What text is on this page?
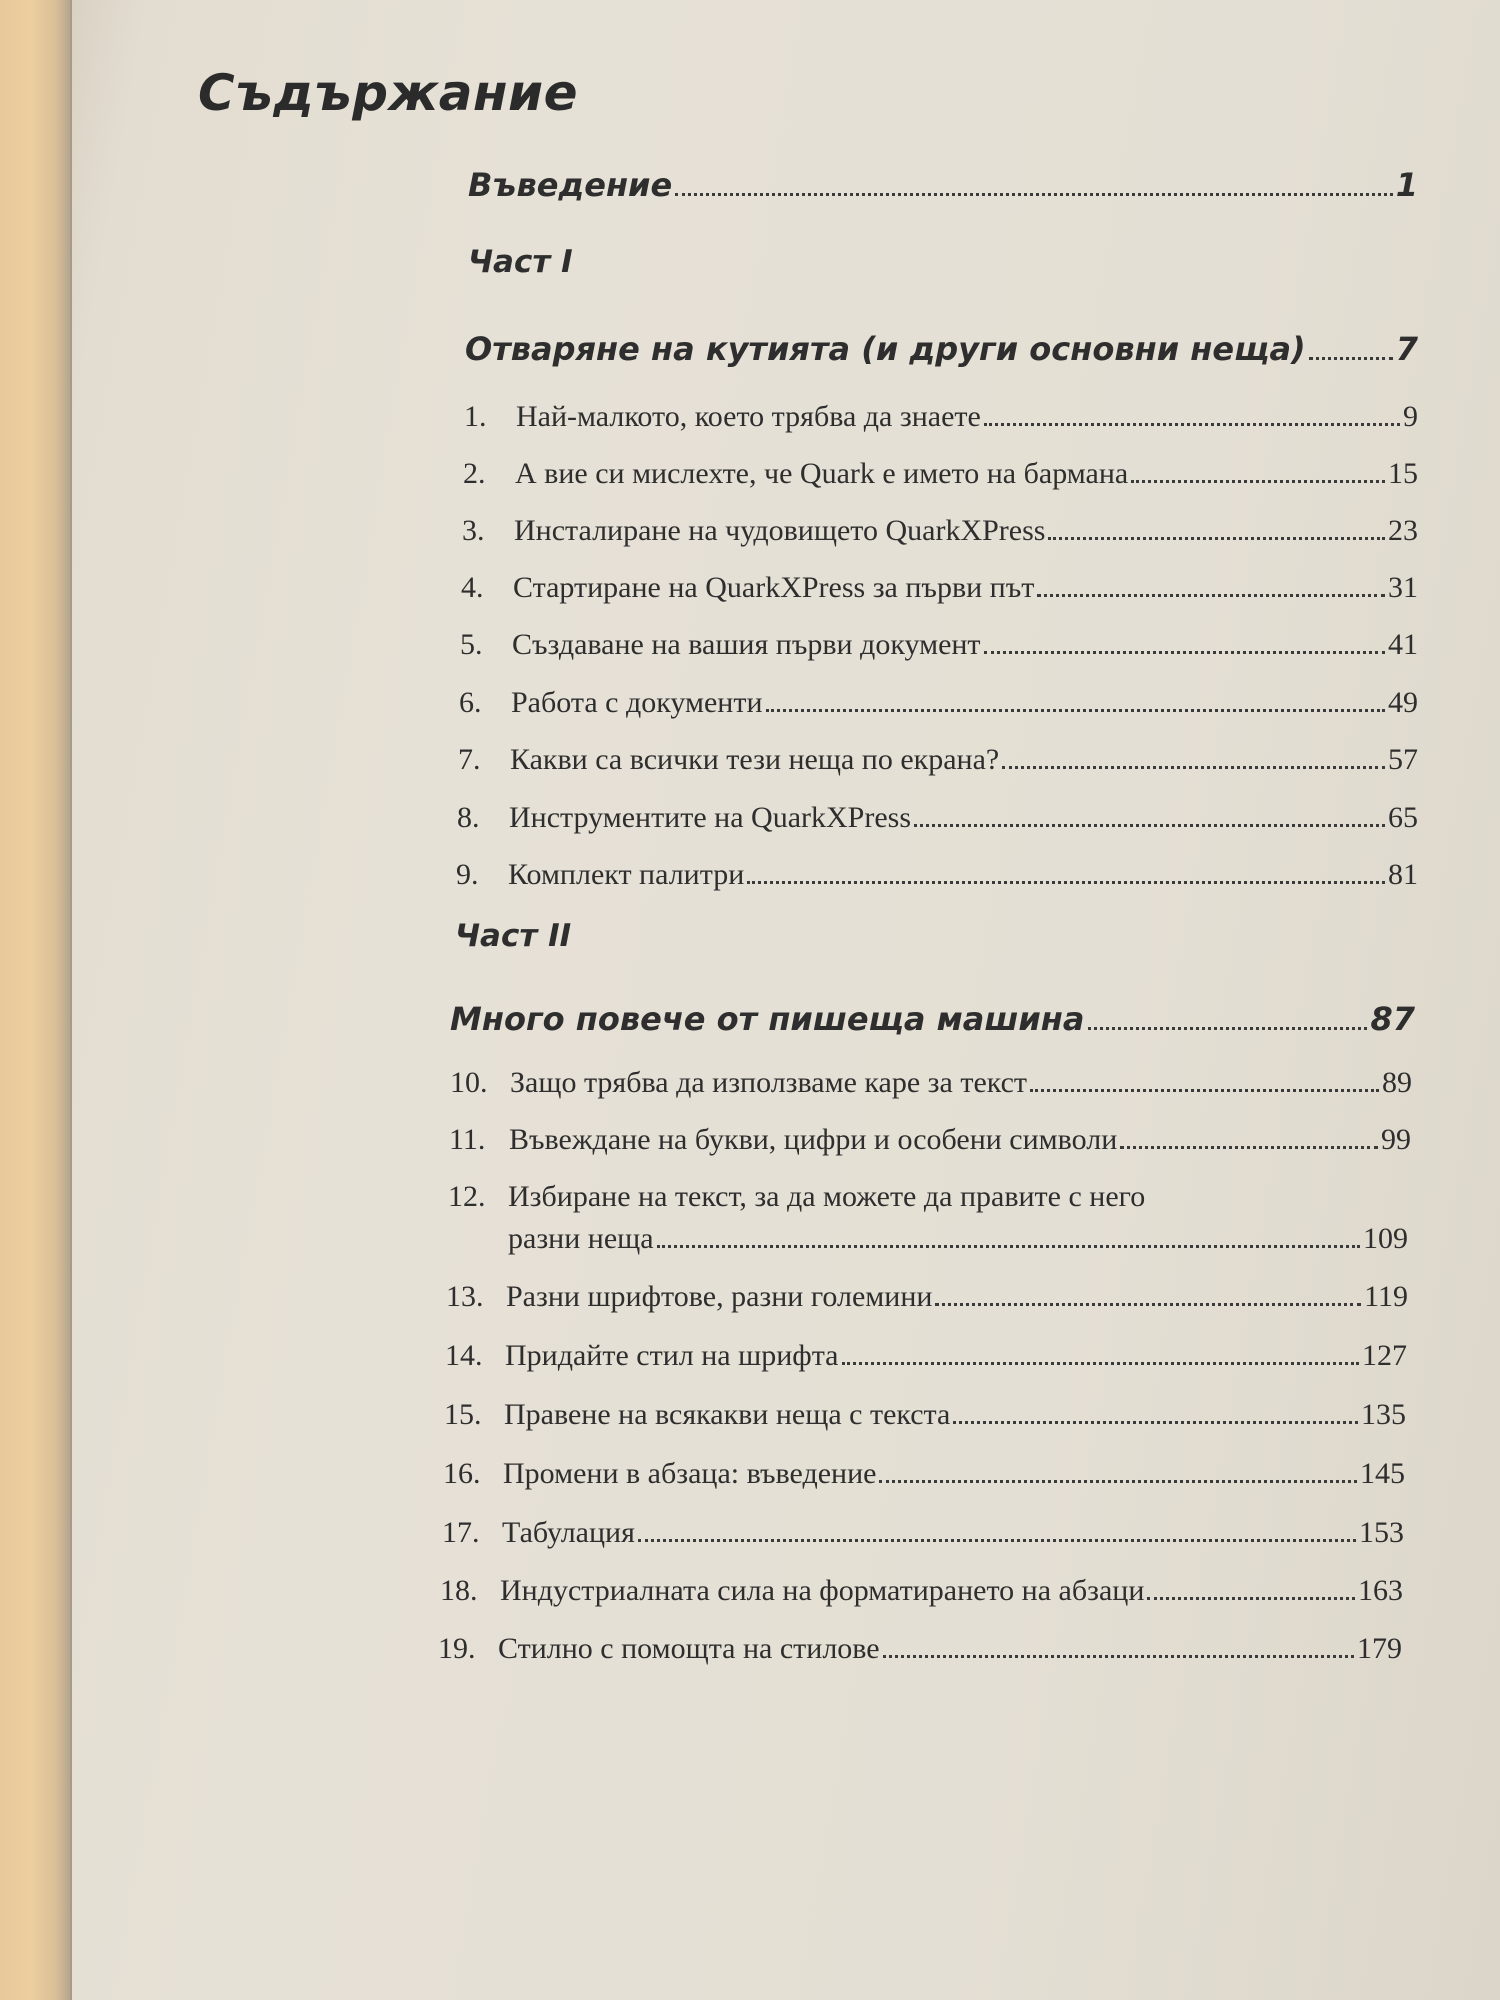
Съдържание
Въведение	1
Част I
Отваряне на кутията (и други основни неща)	7
1. Най-малкото, което трябва да знаете	9
2. А вие си мислехте, че Quark е името на бармана	15
3. Инсталиране на чудовището QuarkXPress	23
4. Стартиране на QuarkXPress за първи път	31
5. Създаване на вашия първи документ	41
6. Работа с документи	49
7. Какви са всички тези неща по екрана?	57
8. Инструментите на QuarkXPress	65
9. Комплект палитри	81
Част II
Много повече от пишеща машина	87
10. Защо трябва да използваме каре за текст	89
11. Въвеждане на букви, цифри и особени символи	99
12. Избиране на текст, за да можете да правите с него
разни неща	109
13. Разни шрифтове, разни големини	119
14. Придайте стил на шрифта	127
15. Правене на всякакви неща с текста	135
16. Промени в абзаца: въведение	145
17. Табулация	153
18. Индустриалната сила на форматирането на абзаци	163
19. Стилно с помощта на стилове	179
